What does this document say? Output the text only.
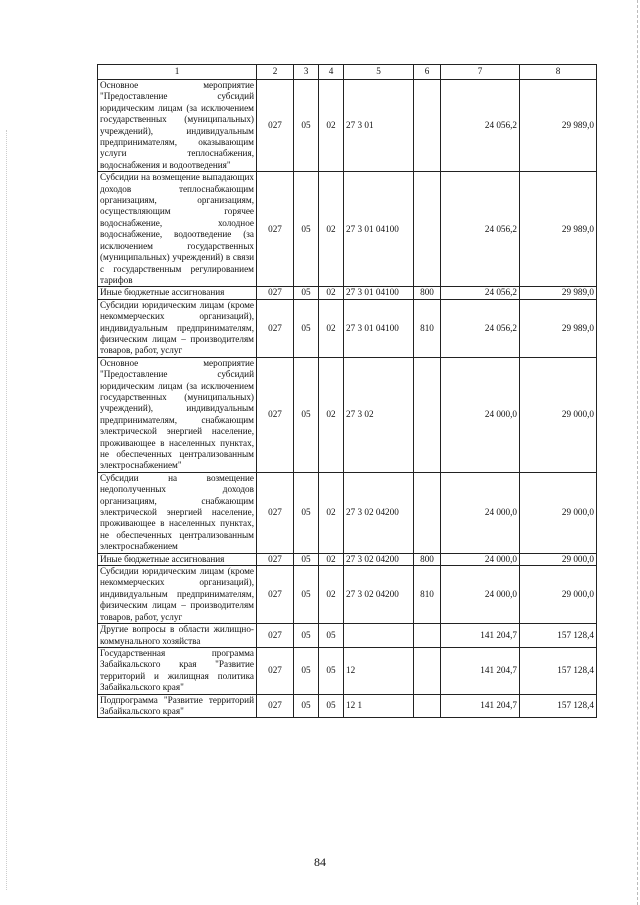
1	2	3	4	5	6	7	8
Основное мероприятие "Предоставление субсидий юридическим лицам (за исключением государственных (муниципальных) учреждений), индивидуальным предпринимателям, оказывающим услуги теплоснабжения, водоснабжения и водоотведения"	027	05	02	27 3 01		24 056,2	29 989,0
Субсидии на возмещение выпадающих доходов теплоснабжающим организациям, организациям, осуществляющим горячее водоснабжение, холодное водоснабжение, водоотведение (за исключением государственных (муниципальных) учреждений) в связи с государственным регулированием тарифов	027	05	02	27 3 01 04100		24 056,2	29 989,0
Иные бюджетные ассигнования	027	05	02	27 3 01 04100	800	24 056,2	29 989,0
Субсидии юридическим лицам (кроме некоммерческих организаций), индивидуальным предпринимателям, физическим лицам – производителям товаров, работ, услуг	027	05	02	27 3 01 04100	810	24 056,2	29 989,0
Основное мероприятие "Предоставление субсидий юридическим лицам (за исключением государственных (муниципальных) учреждений), индивидуальным предпринимателям, снабжающим электрической энергией население, проживающее в населенных пунктах, не обеспеченных централизованным электроснабжением"	027	05	02	27 3 02		24 000,0	29 000,0
Субсидии на возмещение недополученных доходов организациям, снабжающим электрической энергией население, проживающее в населенных пунктах, не обеспеченных централизованным электроснабжением	027	05	02	27 3 02 04200		24 000,0	29 000,0
Иные бюджетные ассигнования	027	05	02	27 3 02 04200	800	24 000,0	29 000,0
Субсидии юридическим лицам (кроме некоммерческих организаций), индивидуальным предпринимателям, физическим лицам – производителям товаров, работ, услуг	027	05	02	27 3 02 04200	810	24 000,0	29 000,0
Другие вопросы в области жилищно-коммунального хозяйства	027	05	05			141 204,7	157 128,4
Государственная программа Забайкальского края "Развитие территорий и жилищная политика Забайкальского края"	027	05	05	12		141 204,7	157 128,4
Подпрограмма "Развитие территорий Забайкальского края"	027	05	05	12 1		141 204,7	157 128,4
84
